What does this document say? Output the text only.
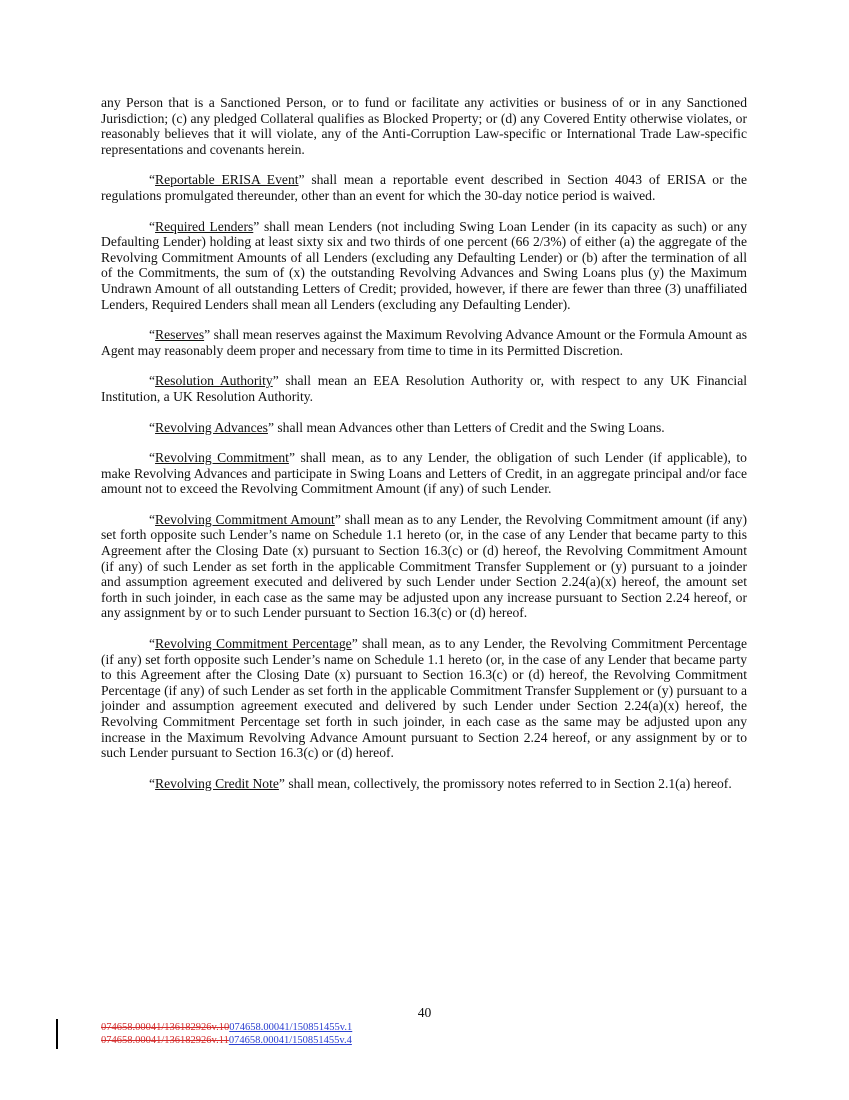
any Person that is a Sanctioned Person, or to fund or facilitate any activities or business of or in any Sanctioned Jurisdiction; (c) any pledged Collateral qualifies as Blocked Property; or (d) any Covered Entity otherwise violates, or reasonably believes that it will violate, any of the Anti-Corruption Law-specific or International Trade Law-specific representations and covenants herein.

“Reportable ERISA Event” shall mean a reportable event described in Section 4043 of ERISA or the regulations promulgated thereunder, other than an event for which the 30-day notice period is waived.

“Required Lenders” shall mean Lenders (not including Swing Loan Lender (in its capacity as such) or any Defaulting Lender) holding at least sixty six and two thirds of one percent (66 2/3%) of either (a) the aggregate of the Revolving Commitment Amounts of all Lenders (excluding any Defaulting Lender) or (b) after the termination of all of the Commitments, the sum of (x) the outstanding Revolving Advances and Swing Loans plus (y) the Maximum Undrawn Amount of all outstanding Letters of Credit; provided, however, if there are fewer than three (3) unaffiliated Lenders, Required Lenders shall mean all Lenders (excluding any Defaulting Lender).

“Reserves” shall mean reserves against the Maximum Revolving Advance Amount or the Formula Amount as Agent may reasonably deem proper and necessary from time to time in its Permitted Discretion.

“Resolution Authority” shall mean an EEA Resolution Authority or, with respect to any UK Financial Institution, a UK Resolution Authority.

“Revolving Advances” shall mean Advances other than Letters of Credit and the Swing Loans.

“Revolving Commitment” shall mean, as to any Lender, the obligation of such Lender (if applicable), to make Revolving Advances and participate in Swing Loans and Letters of Credit, in an aggregate principal and/or face amount not to exceed the Revolving Commitment Amount (if any) of such Lender.

“Revolving Commitment Amount” shall mean as to any Lender, the Revolving Commitment amount (if any) set forth opposite such Lender’s name on Schedule 1.1 hereto (or, in the case of any Lender that became party to this Agreement after the Closing Date (x) pursuant to Section 16.3(c) or (d) hereof, the Revolving Commitment Amount (if any) of such Lender as set forth in the applicable Commitment Transfer Supplement or (y) pursuant to a joinder and assumption agreement executed and delivered by such Lender under Section 2.24(a)(x) hereof, the amount set forth in such joinder, in each case as the same may be adjusted upon any increase pursuant to Section 2.24 hereof, or any assignment by or to such Lender pursuant to Section 16.3(c) or (d) hereof.

“Revolving Commitment Percentage” shall mean, as to any Lender, the Revolving Commitment Percentage (if any) set forth opposite such Lender’s name on Schedule 1.1 hereto (or, in the case of any Lender that became party to this Agreement after the Closing Date (x) pursuant to Section 16.3(c) or (d) hereof, the Revolving Commitment Percentage (if any) of such Lender as set forth in the applicable Commitment Transfer Supplement or (y) pursuant to a joinder and assumption agreement executed and delivered by such Lender under Section 2.24(a)(x) hereof, the Revolving Commitment Percentage set forth in such joinder, in each case as the same may be adjusted upon any increase in the Maximum Revolving Advance Amount pursuant to Section 2.24 hereof, or any assignment by or to such Lender pursuant to Section 16.3(c) or (d) hereof.

“Revolving Credit Note” shall mean, collectively, the promissory notes referred to in Section 2.1(a) hereof.

40
074658.00041/136182926v.10074658.00041/150851455v.1
074658.00041/136182926v.11074658.00041/150851455v.4
